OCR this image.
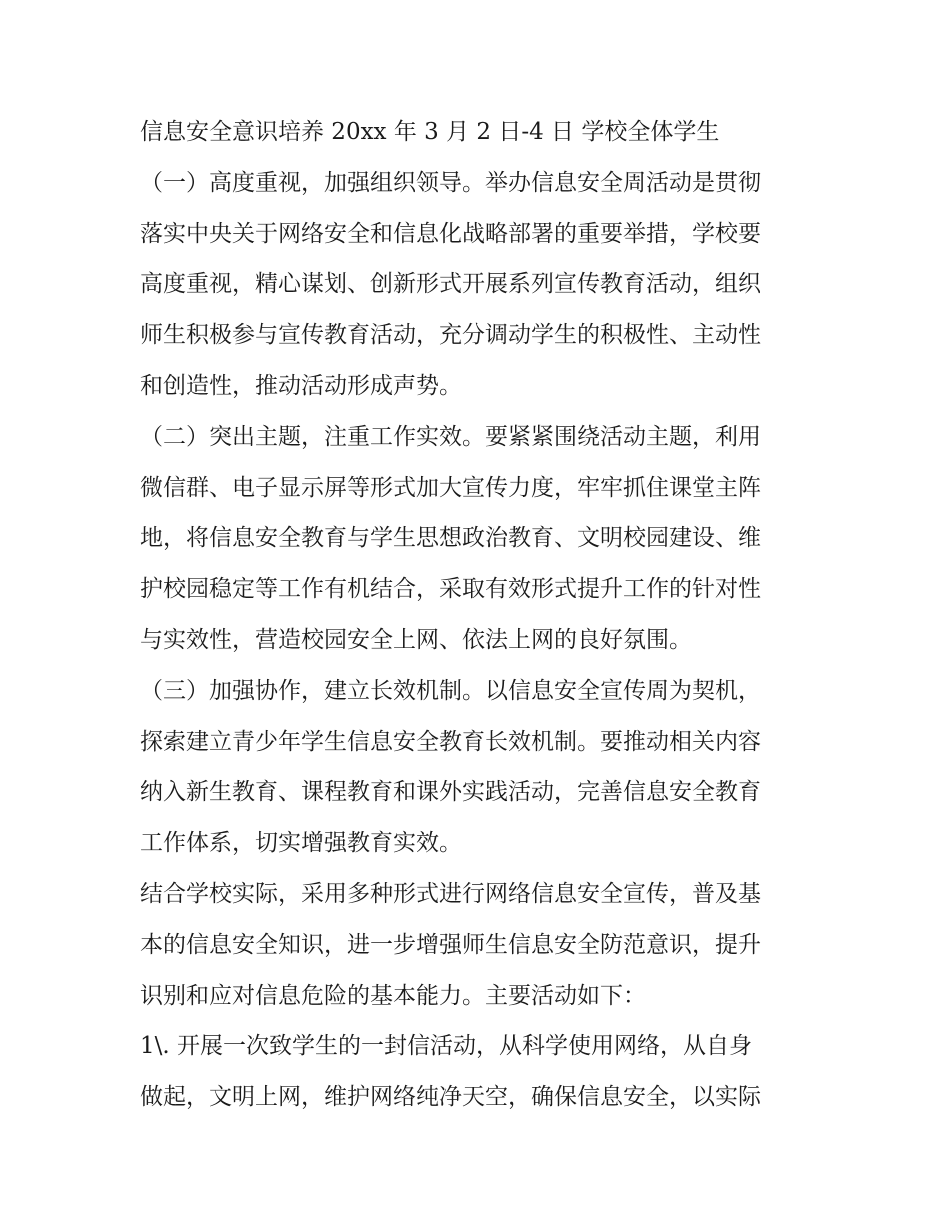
信息安全意识培养 20xx 年 3 月 2 日-4 日 学校全体学生
（一）高度重视，加强组织领导。举办信息安全周活动是贯彻
落实中央关于网络安全和信息化战略部署的重要举措，学校要
高度重视，精心谋划、创新形式开展系列宣传教育活动，组织
师生积极参与宣传教育活动，充分调动学生的积极性、主动性
和创造性，推动活动形成声势。
（二）突出主题，注重工作实效。要紧紧围绕活动主题，利用
微信群、电子显示屏等形式加大宣传力度，牢牢抓住课堂主阵
地，将信息安全教育与学生思想政治教育、文明校园建设、维
护校园稳定等工作有机结合，采取有效形式提升工作的针对性
与实效性，营造校园安全上网、依法上网的良好氛围。
（三）加强协作，建立长效机制。以信息安全宣传周为契机，
探索建立青少年学生信息安全教育长效机制。要推动相关内容
纳入新生教育、课程教育和课外实践活动，完善信息安全教育
工作体系，切实增强教育实效。
结合学校实际，采用多种形式进行网络信息安全宣传，普及基
本的信息安全知识，进一步增强师生信息安全防范意识，提升
识别和应对信息危险的基本能力。主要活动如下：
1\. 开展一次致学生的一封信活动，从科学使用网络，从自身
做起，文明上网，维护网络纯净天空，确保信息安全，以实际
